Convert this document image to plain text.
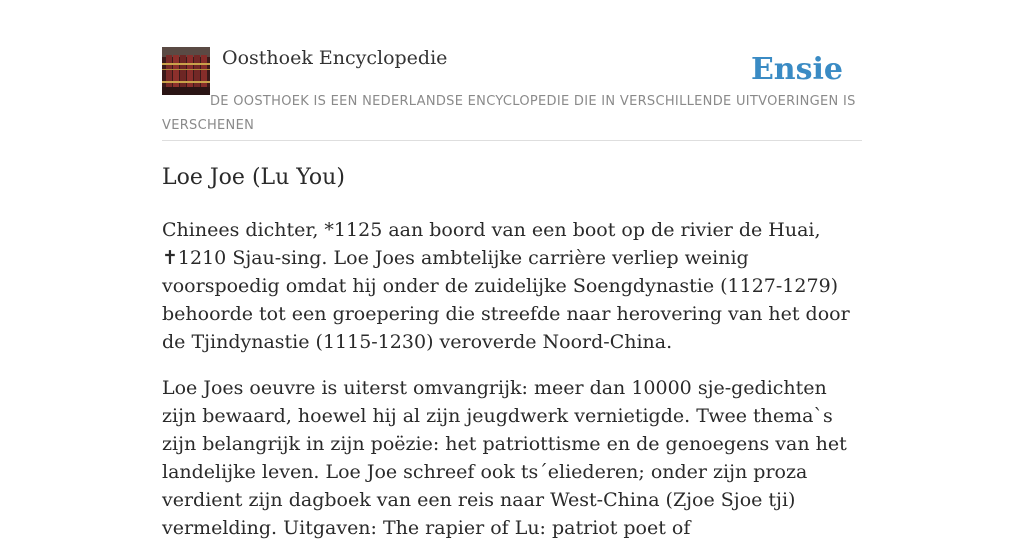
Oosthoek Encyclopedie	Ensie
DE OOSTHOEK IS EEN NEDERLANDSE ENCYCLOPEDIE DIE IN VERSCHILLENDE UITVOERINGEN IS VERSCHENEN
Loe Joe (Lu You)

Chinees dichter, *1125 aan boord van een boot op de rivier de Huai, ✝1210 Sjau-sing. Loe Joes ambtelijke carrière verliep weinig voorspoedig omdat hij onder de zuidelijke Soengdynastie (1127-1279) behoorde tot een groepering die streefde naar herovering van het door de Tjindynastie (1115-1230) veroverde Noord-China.

Loe Joes oeuvre is uiterst omvangrijk: meer dan 10000 sje-gedichten zijn bewaard, hoewel hij al zijn jeugdwerk vernietigde. Twee thema`s zijn belangrijk in zijn poëzie: het patriottisme en de genoegens van het landelijke leven. Loe Joe schreef ook ts´eliederen; onder zijn proza verdient zijn dagboek van een reis naar West-China (Zjoe Sjoe tji) vermelding. Uitgaven: The rapier of Lu: patriot poet of
